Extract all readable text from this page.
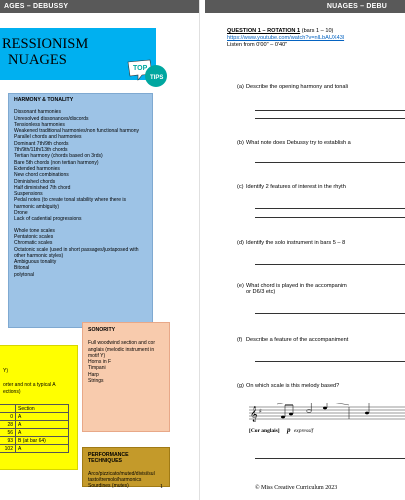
AGES – DEBUSSY
RESSIONISM
NUAGES
TOP
TIPS
HARMONY & TONALITY
Dissonant harmonies
Unresolved dissonances/discords
Tensionless harmonies
Weakened traditional harmonies/non functional harmony
Parallel chords and harmonies
Dominant 7th/9th chords
7th/9th/11th/13th chords
Tertian harmony (chords based on 3rds)
Bare 5th chords (non tertian harmony)
Extended harmonies
New chord combinations
Diminished chords
Half diminished 7th chord
Suspensions
Pedal notes (to create tonal stability where there is harmonic ambiguity)
Drone
Lack of cadential progressions
Whole tone scales
Pentatonic scales
Chromatic scales
Octatonic scale (used in short passages/juxtaposed with other harmonic styles)
Ambiguous tonality
Bitonal
polytonal
Y)
orter and not a typical A
ections)
	Section
0	A
28	A
56	A
93	B (at bar 64)
102	A
SONORITY
Full woodwind section and cor anglais (melodic instrument in motif Y)
Horns in F
Timpani
Harp
Strings
PERFORMANCE TECHNIQUES
Arco/pizzicato/muted/divisi/sul tasto/tremolo/harmonics Sourdines (mutes)	1
NUAGES – DEBU
QUESTION 1 – ROTATION 1 (bars 1 – 10)
https://www.youtube.com/watch?v=nlLbAUX43l
Listen from 0'00" – 0'40"
(a) Describe the opening harmony and tonali
(b) What note does Debussy try to establish a
(c) Identify 2 features of interest in the rhyth
(d) Identify the solo instrument in bars 5 – 8
(e) What chord is played in the accompanim
or D6/3 etc)
(f) Describe a feature of the accompaniment
(g) On which scale is this melody based?
𝄞 ♯
[Cor anglais] p expressif
© Miss Creative Curriculum 2023
